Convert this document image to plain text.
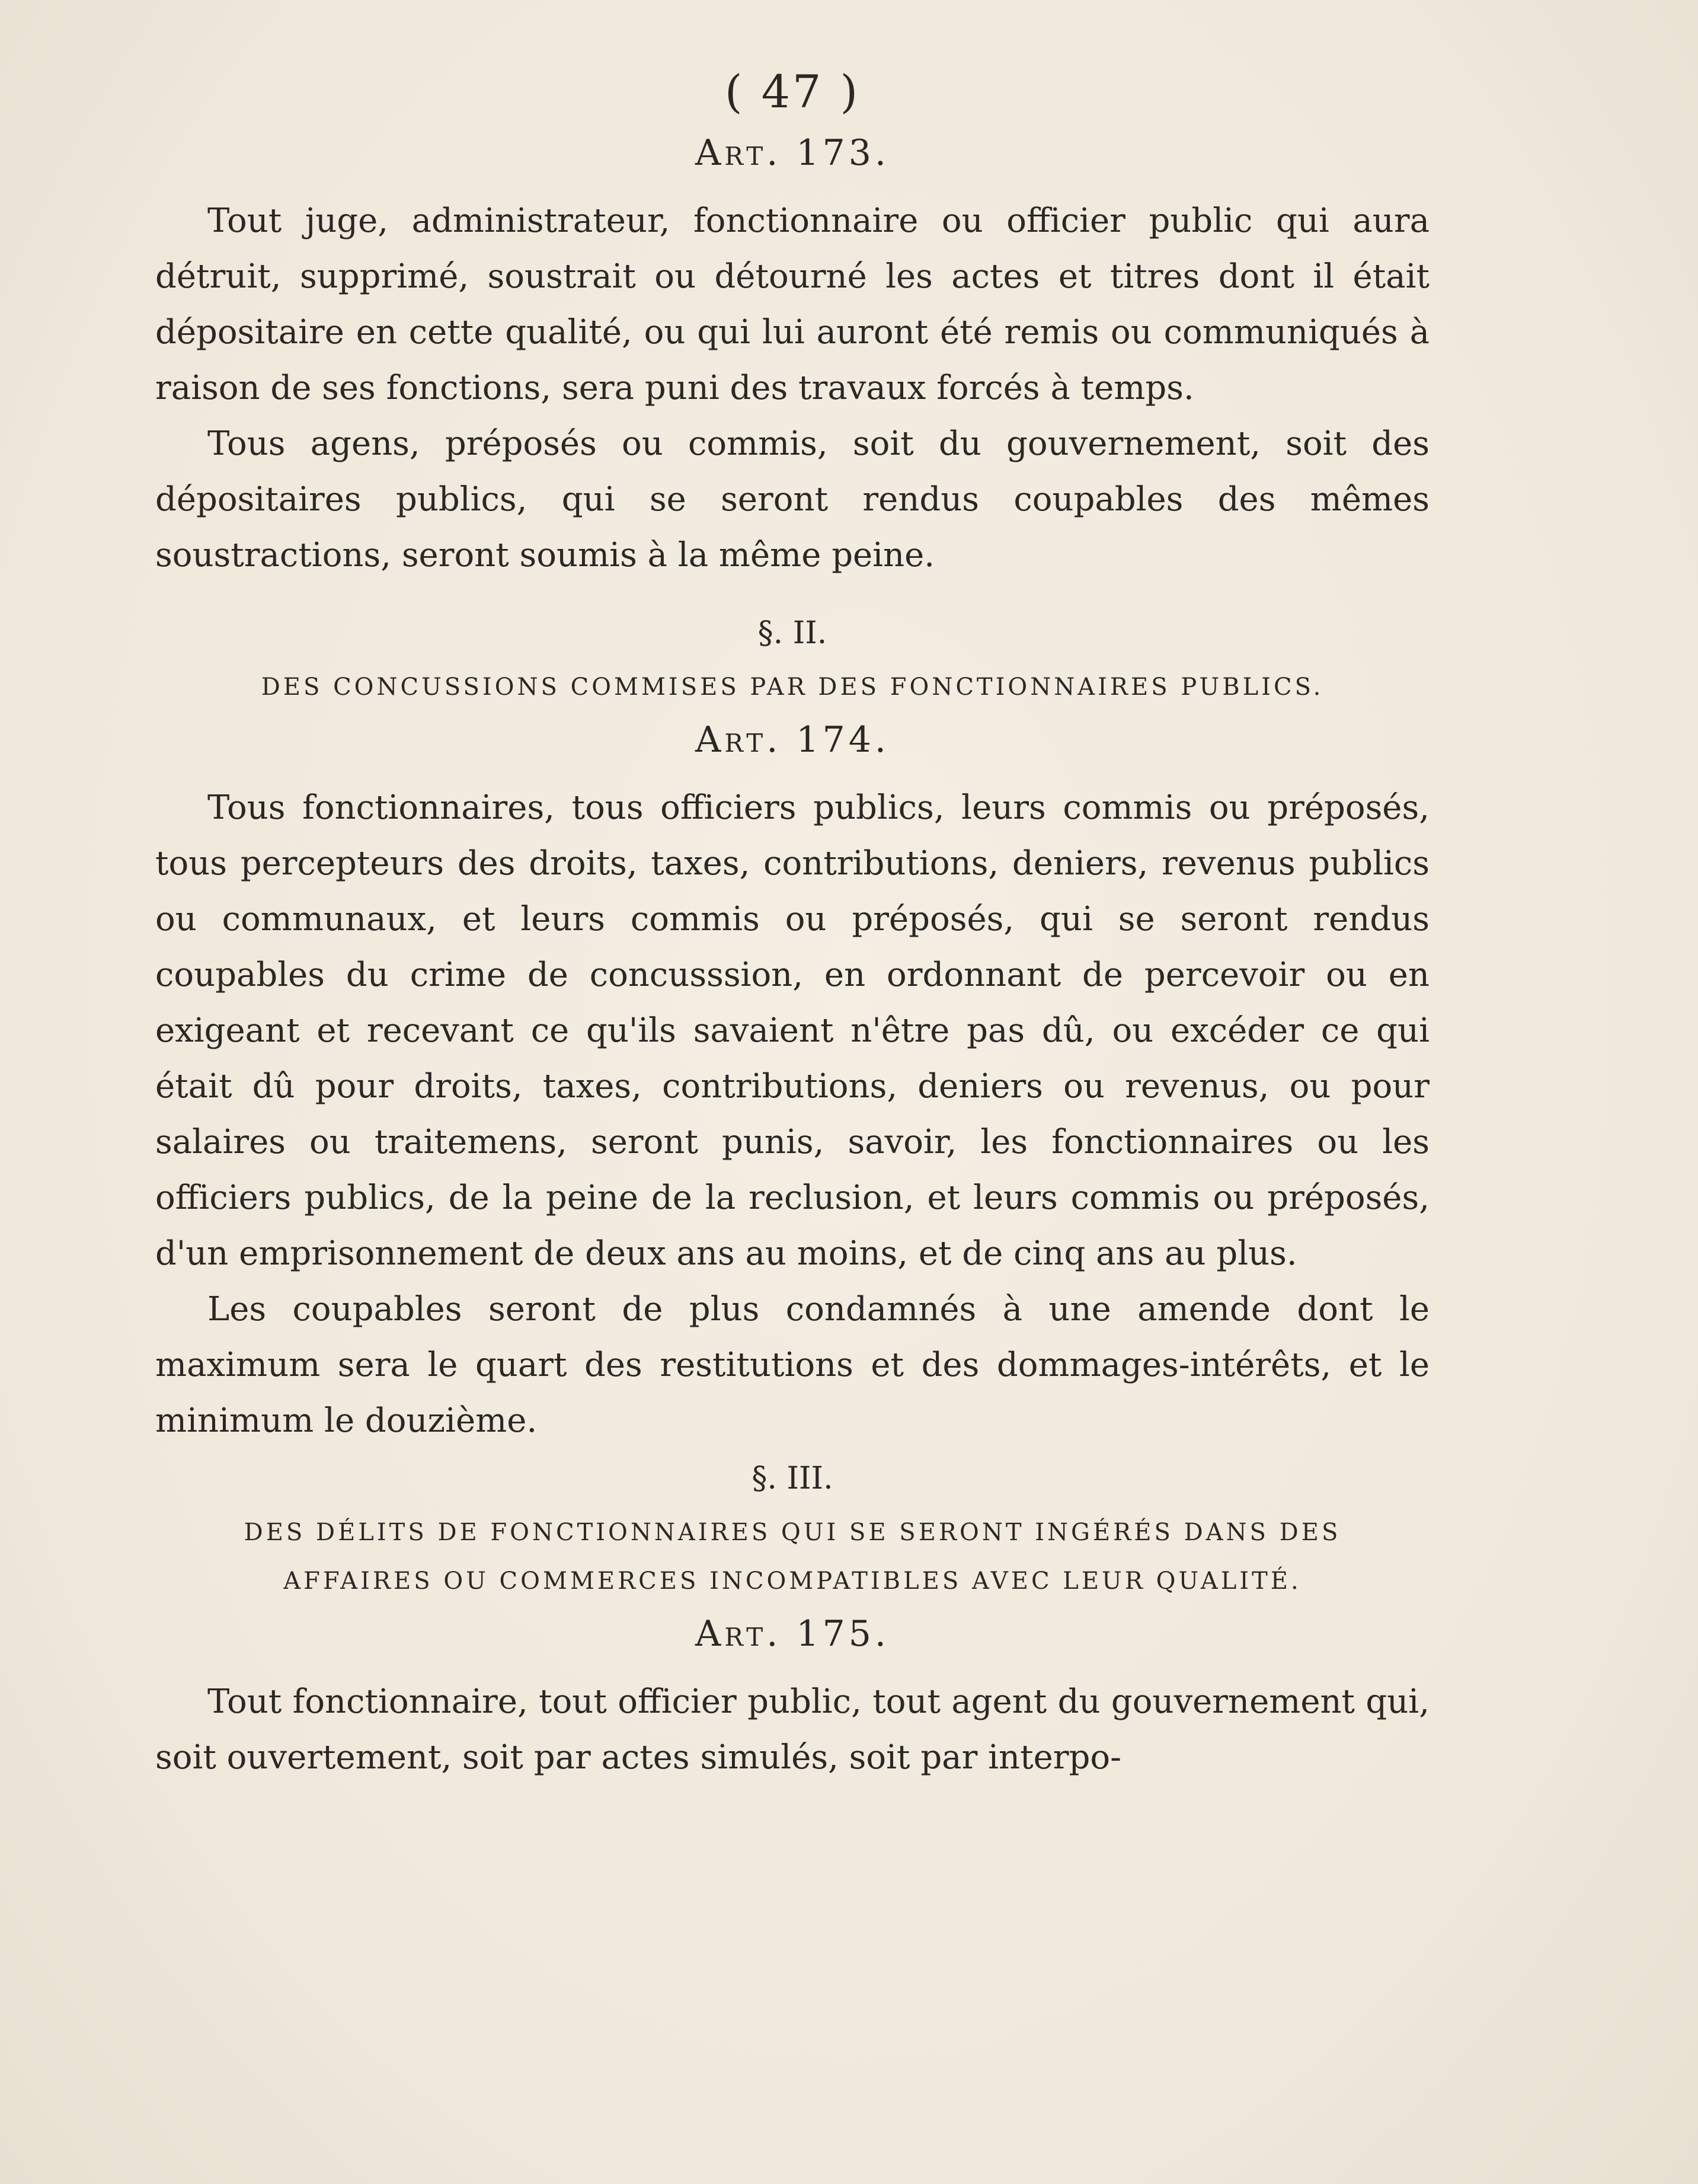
( 47 )
Art. 173.

Tout juge, administrateur, fonctionnaire ou officier public qui aura détruit, supprimé, soustrait ou détourné les actes et titres dont il était dépositaire en cette qualité, ou qui lui auront été remis ou communiqués à raison de ses fonctions, sera puni des travaux forcés à temps.

Tous agens, préposés ou commis, soit du gouvernement, soit des dépositaires publics, qui se seront rendus coupables des mêmes soustractions, seront soumis à la même peine.

§. II.
DES CONCUSSIONS COMMISES PAR DES FONCTIONNAIRES PUBLICS.
Art. 174.

Tous fonctionnaires, tous officiers publics, leurs commis ou préposés, tous percepteurs des droits, taxes, contributions, deniers, revenus publics ou communaux, et leurs commis ou préposés, qui se seront rendus coupables du crime de concusssion, en ordonnant de percevoir ou en exigeant et recevant ce qu'ils savaient n'être pas dû, ou excéder ce qui était dû pour droits, taxes, contributions, deniers ou revenus, ou pour salaires ou traitemens, seront punis, savoir, les fonctionnaires ou les officiers publics, de la peine de la reclusion, et leurs commis ou préposés, d'un emprisonnement de deux ans au moins, et de cinq ans au plus.

Les coupables seront de plus condamnés à une amende dont le maximum sera le quart des restitutions et des dommages-intérêts, et le minimum le douzième.

§. III.
DES DÉLITS DE FONCTIONNAIRES QUI SE SERONT INGÉRÉS DANS DES
AFFAIRES OU COMMERCES INCOMPATIBLES AVEC LEUR QUALITÉ.
Art. 175.

Tout fonctionnaire, tout officier public, tout agent du gouvernement qui, soit ouvertement, soit par actes simulés, soit par interpo-
